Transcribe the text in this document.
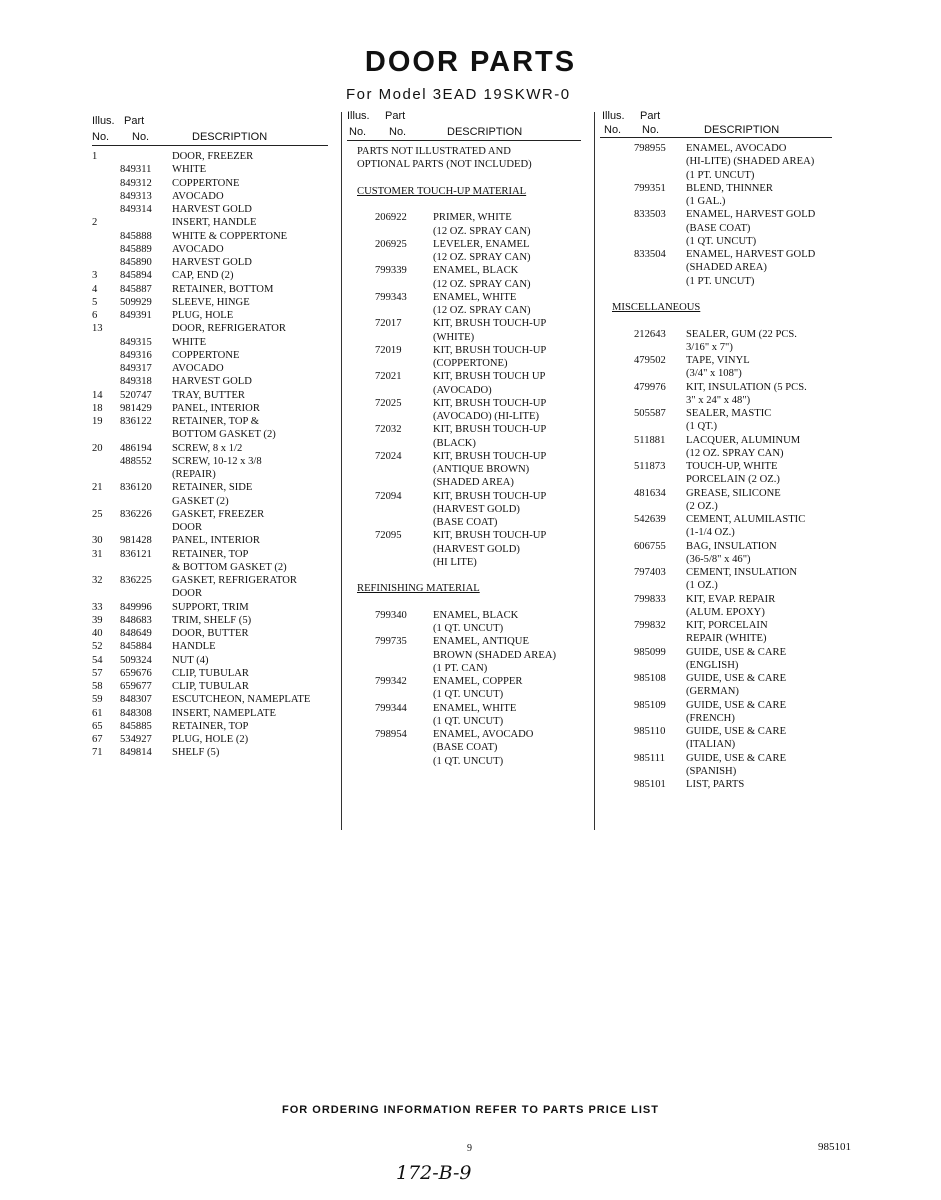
DOOR PARTS
For Model 3EAD 19SKWR-0
Illus. Part
No. No.	DESCRIPTION
1	DOOR, FREEZER
849311 WHITE
849312 COPPERTONE
849313 AVOCADO
849314 HARVEST GOLD
2	INSERT, HANDLE
845888 WHITE & COPPERTONE
845889 AVOCADO
845890 HARVEST GOLD
3 845894 CAP, END (2)
4 845887 RETAINER, BOTTOM
5 509929 SLEEVE, HINGE
6 849391 PLUG, HOLE
13	DOOR, REFRIGERATOR
849315 WHITE
849316 COPPERTONE
849317 AVOCADO
849318 HARVEST GOLD
14 520747 TRAY, BUTTER
18 981429 PANEL, INTERIOR
19 836122 RETAINER, TOP &
BOTTOM GASKET (2)
20 486194 SCREW, 8 x 1/2
488552 SCREW, 10-12 x 3/8
(REPAIR)
21 836120 RETAINER, SIDE
GASKET (2)
25 836226 GASKET, FREEZER
DOOR
30 981428 PANEL, INTERIOR
31 836121 RETAINER, TOP
& BOTTOM GASKET (2)
32 836225 GASKET, REFRIGERATOR
DOOR
33 849996 SUPPORT, TRIM
39 848683 TRIM, SHELF (5)
40 848649 DOOR, BUTTER
52 845884 HANDLE
54 509324 NUT (4)
57 659676 CLIP, TUBULAR
58 659677 CLIP, TUBULAR
59 848307 ESCUTCHEON, NAMEPLATE
61 848308 INSERT, NAMEPLATE
65 845885 RETAINER, TOP
67 534927 PLUG, HOLE (2)
71 849814 SHELF (5)
Illus. Part
No. No.	DESCRIPTION
PARTS NOT ILLUSTRATED AND
OPTIONAL PARTS (NOT INCLUDED)
CUSTOMER TOUCH-UP MATERIAL
206922 PRIMER, WHITE
(12 OZ. SPRAY CAN)
206925 LEVELER, ENAMEL
(12 OZ. SPRAY CAN)
799339 ENAMEL, BLACK
(12 OZ. SPRAY CAN)
799343 ENAMEL, WHITE
(12 OZ. SPRAY CAN)
72017	KIT, BRUSH TOUCH-UP
(WHITE)
72019	KIT, BRUSH TOUCH-UP
(COPPERTONE)
72021	KIT, BRUSH TOUCH UP
(AVOCADO)
72025	KIT, BRUSH TOUCH-UP
(AVOCADO) (HI-LITE)
72032	KIT, BRUSH TOUCH-UP
(BLACK)
72024	KIT, BRUSH TOUCH-UP
(ANTIQUE BROWN)
(SHADED AREA)
72094	KIT, BRUSH TOUCH-UP
(HARVEST GOLD)
(BASE COAT)
72095	KIT, BRUSH TOUCH-UP
(HARVEST GOLD)
(HI LITE)
REFINISHING MATERIAL
799340 ENAMEL, BLACK
(1 QT. UNCUT)
799735 ENAMEL, ANTIQUE
BROWN (SHADED AREA)
(1 PT. CAN)
799342 ENAMEL, COPPER
(1 QT. UNCUT)
799344 ENAMEL, WHITE
(1 QT. UNCUT)
798954 ENAMEL, AVOCADO
(BASE COAT)
(1 QT. UNCUT)
Illus. Part
No. No.	DESCRIPTION
798955 ENAMEL, AVOCADO
(HI-LITE) (SHADED AREA)
(1 PT. UNCUT)
799351 BLEND, THINNER
(1 GAL.)
833503 ENAMEL, HARVEST GOLD
(BASE COAT)
(1 QT. UNCUT)
833504 ENAMEL, HARVEST GOLD
(SHADED AREA)
(1 PT. UNCUT)
MISCELLANEOUS
212643 SEALER, GUM (22 PCS.
3/16" x 7")
479502 TAPE, VINYL
(3/4" x 108")
479976 KIT, INSULATION (5 PCS.
3" x 24" x 48")
505587 SEALER, MASTIC
(1 QT.)
511881 LACQUER, ALUMINUM
(12 OZ. SPRAY CAN)
511873 TOUCH-UP, WHITE
PORCELAIN (2 OZ.)
481634 GREASE, SILICONE
(2 OZ.)
542639 CEMENT, ALUMILASTIC
(1-1/4 OZ.)
606755 BAG, INSULATION
(36-5/8" x 46")
797403 CEMENT, INSULATION
(1 OZ.)
799833 KIT, EVAP. REPAIR
(ALUM. EPOXY)
799832 KIT, PORCELAIN
REPAIR (WHITE)
985099 GUIDE, USE & CARE
(ENGLISH)
985108 GUIDE, USE & CARE
(GERMAN)
985109 GUIDE, USE & CARE
(FRENCH)
985110 GUIDE, USE & CARE
(ITALIAN)
985111 GUIDE, USE & CARE
(SPANISH)
985101 LIST, PARTS
FOR ORDERING INFORMATION REFER TO PARTS PRICE LIST
9	985101
172-B-9
